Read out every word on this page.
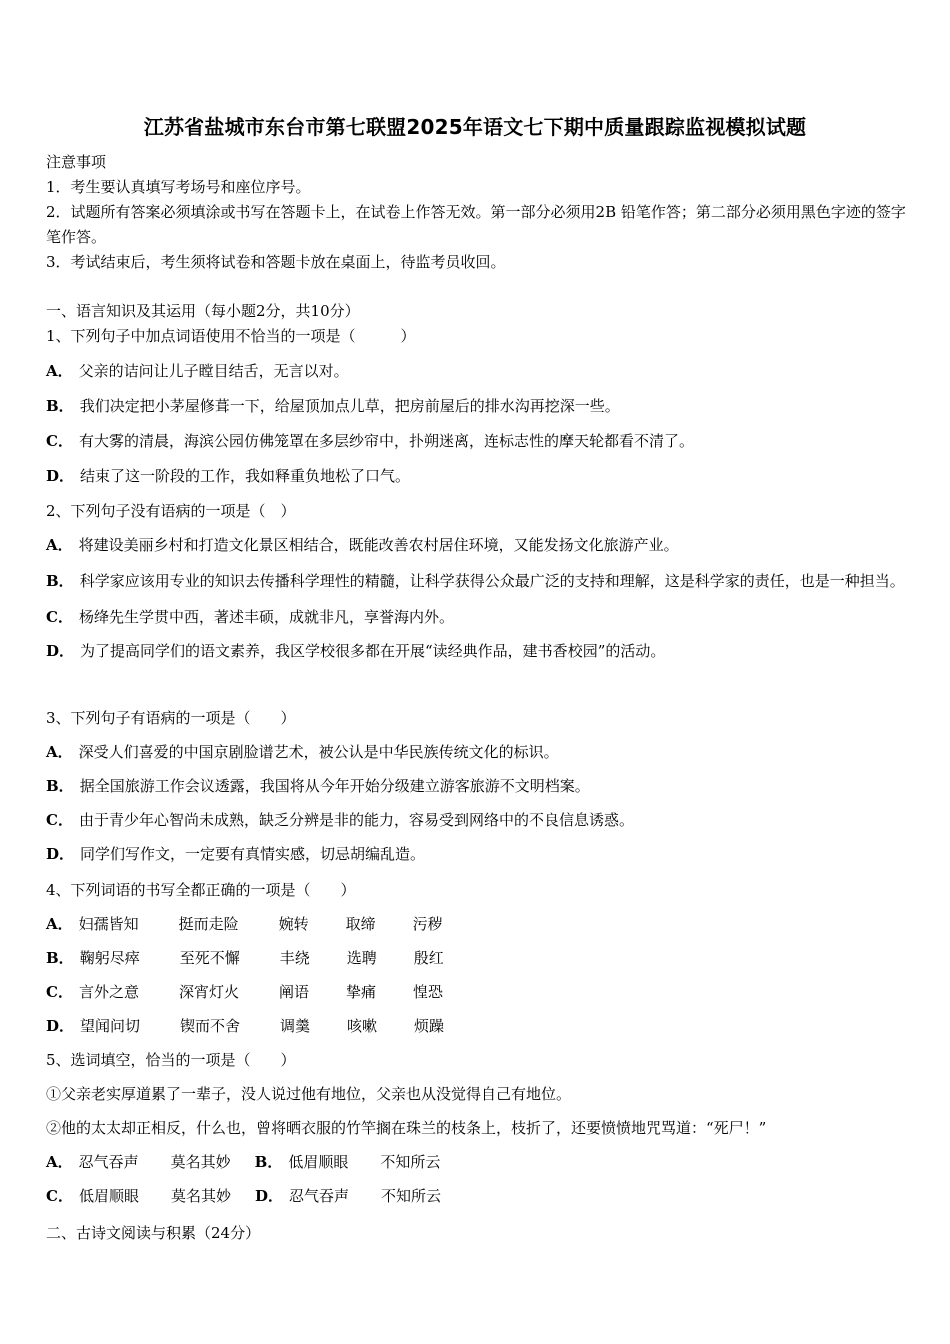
江苏省盐城市东台市第七联盟2025年语文七下期中质量跟踪监视模拟试题

注意事项

1．考生要认真填写考场号和座位序号。

2．试题所有答案必须填涂或书写在答题卡上，在试卷上作答无效。第一部分必须用2B 铅笔作答；第二部分必须用黑色字迹的签字笔作答。

3．考试结束后，考生须将试卷和答题卡放在桌面上，待监考员收回。

一、语言知识及其运用（每小题2分，共10分）

1、下列句子中加点词语使用不恰当的一项是（　　　）

A． 父亲的诘问让儿子瞠目结舌，无言以对。

B． 我们决定把小茅屋修葺一下，给屋顶加点儿草，把房前屋后的排水沟再挖深一些。

C． 有大雾的清晨，海滨公园仿佛笼罩在多层纱帘中，扑朔迷离，连标志性的摩天轮都看不清了。

D． 结束了这一阶段的工作，我如释重负地松了口气。

2、下列句子没有语病的一项是（　）

A． 将建设美丽乡村和打造文化景区相结合，既能改善农村居住环境，又能发扬文化旅游产业。

B． 科学家应该用专业的知识去传播科学理性的精髓，让科学获得公众最广泛的支持和理解，这是科学家的责任，也是一种担当。

C． 杨绛先生学贯中西，著述丰硕，成就非凡，享誉海内外。

D． 为了提高同学们的语文素养，我区学校很多都在开展“读经典作品，建书香校园”的活动。

3、下列句子有语病的一项是（　　）

A． 深受人们喜爱的中国京剧脸谱艺术，被公认是中华民族传统文化的标识。

B． 据全国旅游工作会议透露，我国将从今年开始分级建立游客旅游不文明档案。

C． 由于青少年心智尚未成熟，缺乏分辨是非的能力，容易受到网络中的不良信息诱惑。

D． 同学们写作文，一定要有真情实感，切忌胡编乱造。

4、下列词语的书写全都正确的一项是（　　）

A． 妇孺皆知	挺而走险	婉转	取缔	污秽

B． 鞠躬尽瘁	至死不懈	丰绕	选聘	殷红

C． 言外之意	深宵灯火	阐语	挚痛	惶恐

D． 望闻问切	锲而不舍	调羹	咳嗽	烦躁

5、选词填空，恰当的一项是（　　）

①父亲老实厚道累了一辈子，没人说过他有地位，父亲也从没觉得自己有地位。

②他的太太却正相反，什么也，曾将晒衣服的竹竿搁在珠兰的枝条上，枝折了，还要愤愤地咒骂道：“死尸！”

A． 忍气吞声	莫名其妙	B． 低眉顺眼	不知所云

C． 低眉顺眼	莫名其妙	D． 忍气吞声	不知所云

二、古诗文阅读与积累（24分）
